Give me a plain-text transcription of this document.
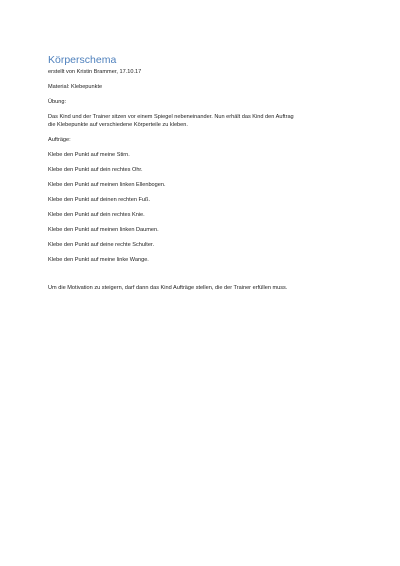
Körperschema

erstellt von Kristin Brammer, 17.10.17

Material: Klebepunkte

Übung:

Das Kind und der Trainer sitzen vor einem Spiegel nebeneinander. Nun erhält das Kind den Auftrag

die Klebepunkte auf verschiedene Körperteile zu kleben.

Aufträge:

Klebe den Punkt auf meine Stirn.

Klebe den Punkt auf dein rechtes Ohr.

Klebe den Punkt auf meinen linken Ellenbogen.

Klebe den Punkt auf deinen rechten Fuß.

Klebe den Punkt auf dein rechtes Knie.

Klebe den Punkt auf meinen linken Daumen.

Klebe den Punkt auf deine rechte Schulter.

Klebe den Punkt auf meine linke Wange.

Um die Motivation zu steigern, darf dann das Kind Aufträge stellen, die der Trainer erfüllen muss.
